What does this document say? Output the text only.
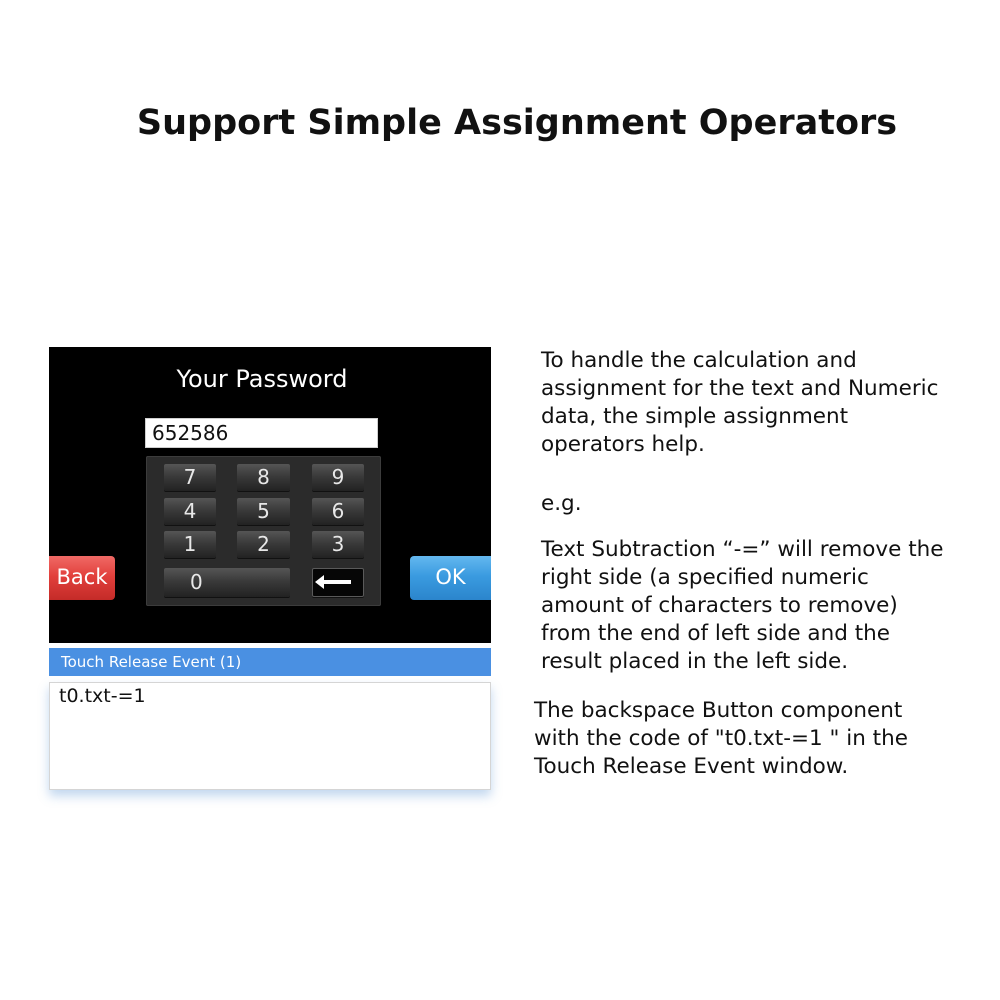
Support Simple Assignment Operators
Your Password
652586
7	8	9
4	5	6
1	2	3
0
Back	OK
Touch Release Event (1)
t0.txt-=1
To handle the calculation and
assignment for the text and Numeric
data, the simple assignment
operators help.
e.g.
Text Subtraction “-=” will remove the
right side (a specified numeric
amount of characters to remove)
from the end of left side and the
result placed in the left side.
The backspace Button component
with the code of "t0.txt-=1 " in the
Touch Release Event window.
